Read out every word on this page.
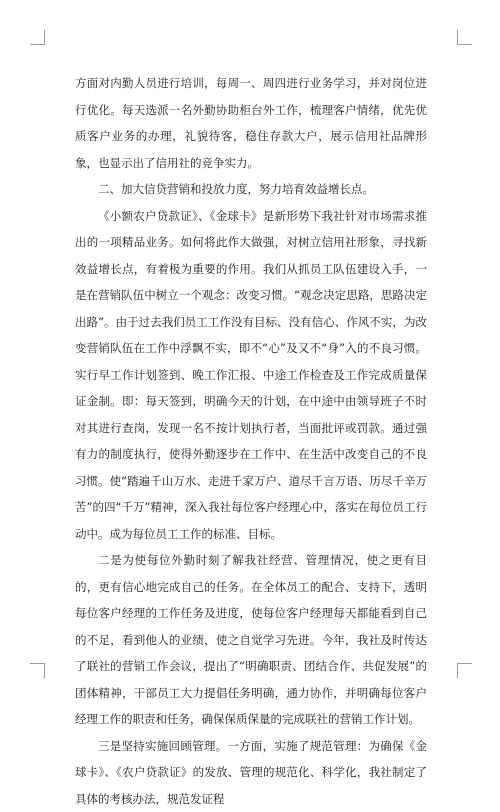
方面对内勤人员进行培训，每周一、周四进行业务学习，并对岗位进行优化。每天选派一名外勤协助柜台外工作，梳理客户情绪，优先优质客户业务的办理，礼貌待客，稳住存款大户，展示信用社品牌形象，也显示出了信用社的竞争实力。

二、加大信贷营销和投放力度，努力培育效益增长点。

《小额农户贷款证》、《金球卡》是新形势下我社针对市场需求推出的一项精品业务。如何将此作大做强，对树立信用社形象，寻找新效益增长点，有着极为重要的作用。我们从抓员工队伍建设入手，一是在营销队伍中树立一个观念：改变习惯。“观念决定思路，思路决定出路”。由于过去我们员工工作没有目标、没有信心、作风不实，为改变营销队伍在工作中浮飘不实，即不“心”及又不“身”入的不良习惯。实行早工作计划签到、晚工作汇报、中途工作检查及工作完成质量保证金制。即：每天签到，明确今天的计划，在中途中由领导班子不时对其进行查岗，发现一名不按计划执行者，当面批评或罚款。通过强有力的制度执行，使得外勤逐步在工作中、在生活中改变自己的不良习惯。使“踏遍千山万水、走进千家万户、道尽千言万语、历尽千辛万苦”的四“千万”精神，深入我社每位客户经理心中，落实在每位员工行动中。成为每位员工工作的标准、目标。

二是为使每位外勤时刻了解我社经营、管理情况，使之更有目的，更有信心地完成自己的任务。在全体员工的配合、支持下，透明每位客户经理的工作任务及进度，使每位客户经理每天都能看到自己的不足，看到他人的业绩，使之自觉学习先进。今年，我社及时传达了联社的营销工作会议，提出了“明确职责、团结合作、共促发展”的团体精神，干部员工大力提倡任务明确，通力协作，并明确每位客户经理工作的职责和任务，确保保质保量的完成联社的营销工作计划。

三是坚持实施回顾管理。一方面，实施了规范管理：为确保《金球卡》、《农户贷款证》的发放、管理的规范化、科学化，我社制定了具体的考核办法，规范发证程
